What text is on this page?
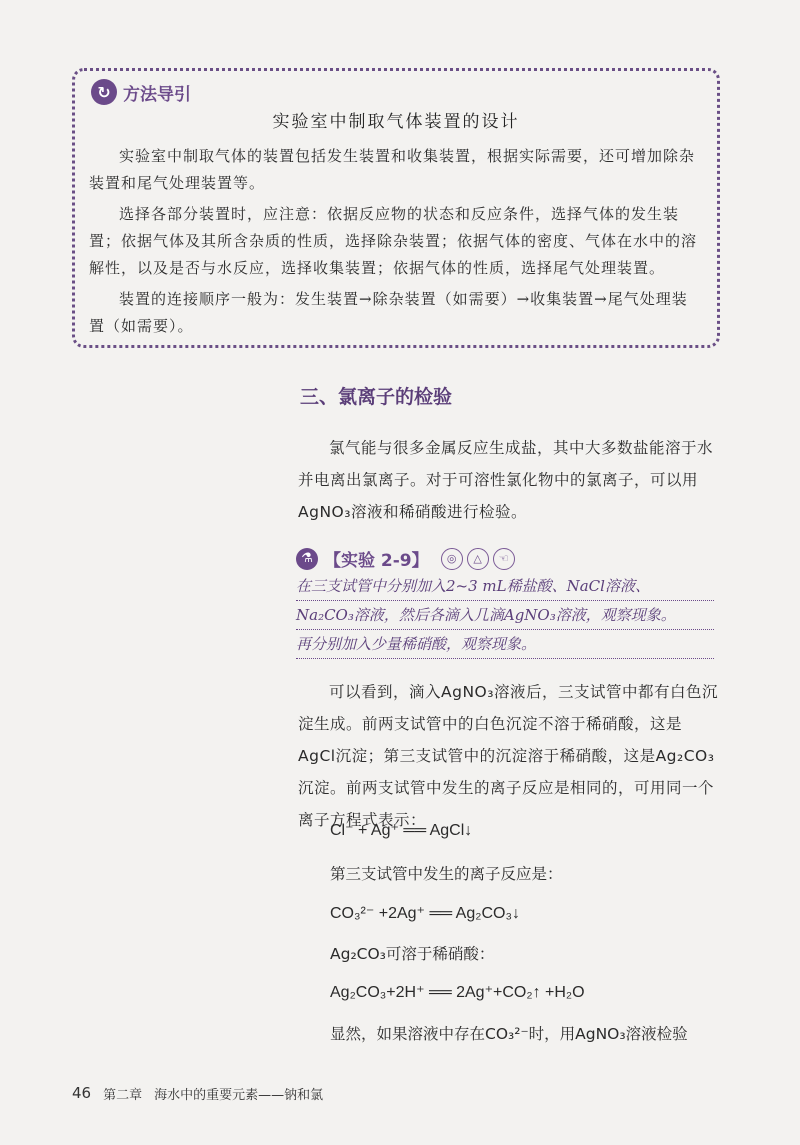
↻ 方法导引
实验室中制取气体装置的设计

实验室中制取气体的装置包括发生装置和收集装置，根据实际需要，还可增加除杂装置和尾气处理装置等。

选择各部分装置时，应注意：依据反应物的状态和反应条件，选择气体的发生装置；依据气体及其所含杂质的性质，选择除杂装置；依据气体的密度、气体在水中的溶解性，以及是否与水反应，选择收集装置；依据气体的性质，选择尾气处理装置。

装置的连接顺序一般为：发生装置→除杂装置（如需要）→收集装置→尾气处理装置（如需要）。

三、氯离子的检验

氯气能与很多金属反应生成盐，其中大多数盐能溶于水并电离出氯离子。对于可溶性氯化物中的氯离子，可以用AgNO₃溶液和稀硝酸进行检验。

⚗ 【实验 2-9】	◎	△	☜
在三支试管中分别加入2~3 mL稀盐酸、NaCl溶液、
Na₂CO₃溶液，然后各滴入几滴AgNO₃溶液，观察现象。
再分别加入少量稀硝酸，观察现象。

可以看到，滴入AgNO₃溶液后，三支试管中都有白色沉淀生成。前两支试管中的白色沉淀不溶于稀硝酸，这是AgCl沉淀；第三支试管中的沉淀溶于稀硝酸，这是Ag₂CO₃沉淀。前两支试管中发生的离子反应是相同的，可用同一个离子方程式表示：

Cl⁻ + Ag⁺ ══ AgCl↓
第三支试管中发生的离子反应是：
CO₃²⁻ +2Ag⁺ ══ Ag₂CO₃↓
Ag₂CO₃可溶于稀硝酸：
Ag₂CO₃+2H⁺ ══ 2Ag⁺+CO₂↑ +H₂O
显然，如果溶液中存在CO₃²⁻时，用AgNO₃溶液检验
46 第二章 海水中的重要元素——钠和氯
